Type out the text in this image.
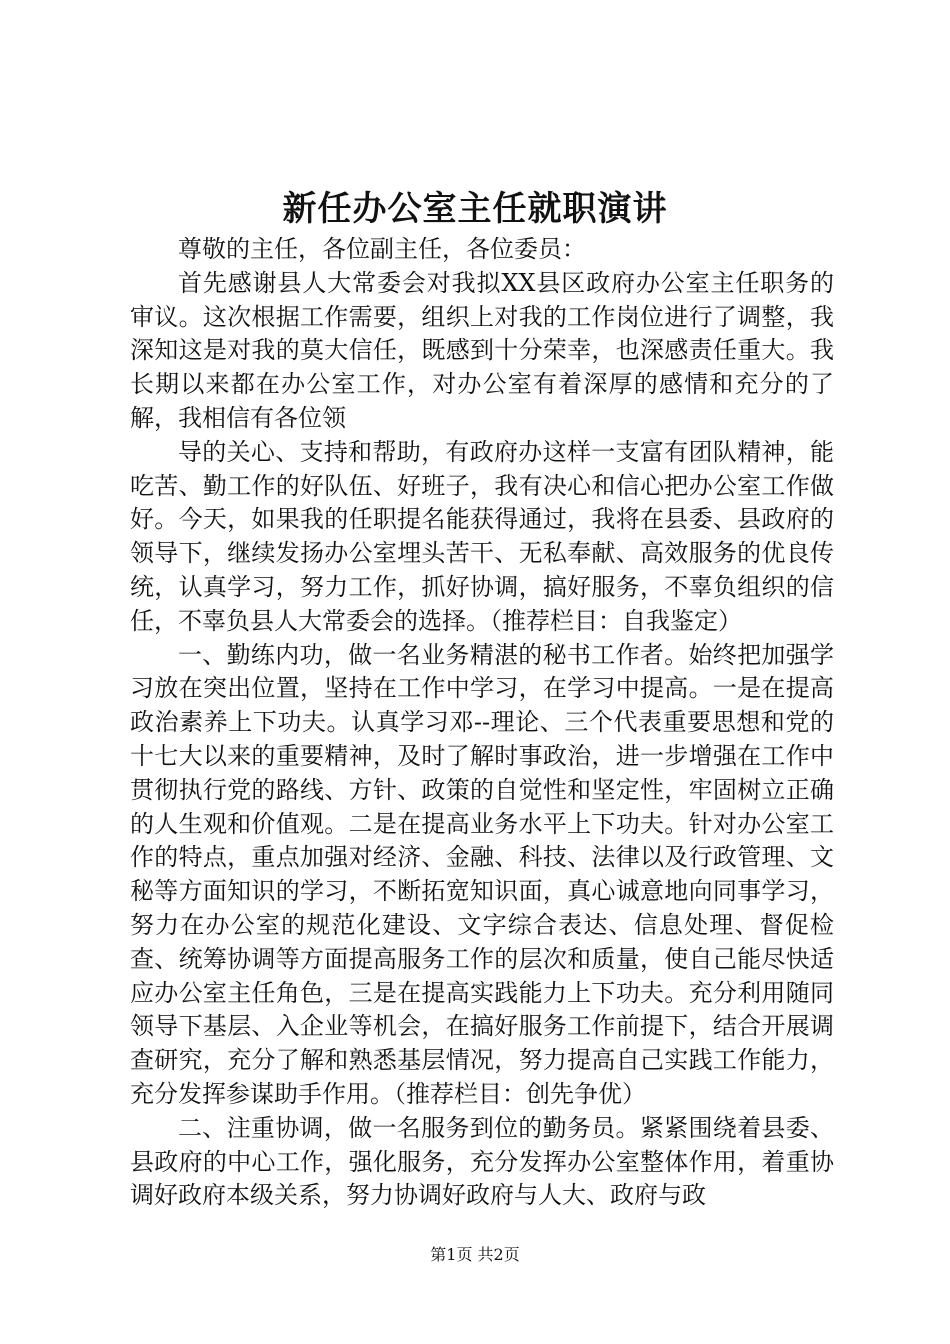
新任办公室主任就职演讲

尊敬的主任，各位副主任，各位委员：

首先感谢县人大常委会对我拟XX县区政府办公室主任职务的审议。这次根据工作需要，组织上对我的工作岗位进行了调整，我深知这是对我的莫大信任，既感到十分荣幸，也深感责任重大。我长期以来都在办公室工作，对办公室有着深厚的感情和充分的了解，我相信有各位领

导的关心、支持和帮助，有政府办这样一支富有团队精神，能吃苦、勤工作的好队伍、好班子，我有决心和信心把办公室工作做好。今天，如果我的任职提名能获得通过，我将在县委、县政府的领导下，继续发扬办公室埋头苦干、无私奉献、高效服务的优良传统，认真学习，努力工作，抓好协调，搞好服务，不辜负组织的信任，不辜负县人大常委会的选择。（推荐栏目：自我鉴定）

一、勤练内功，做一名业务精湛的秘书工作者。始终把加强学习放在突出位置，坚持在工作中学习，在学习中提高。一是在提高政治素养上下功夫。认真学习邓--理论、三个代表重要思想和党的十七大以来的重要精神，及时了解时事政治，进一步增强在工作中贯彻执行党的路线、方针、政策的自觉性和坚定性，牢固树立正确的人生观和价值观。二是在提高业务水平上下功夫。针对办公室工作的特点，重点加强对经济、金融、科技、法律以及行政管理、文秘等方面知识的学习，不断拓宽知识面，真心诚意地向同事学习，努力在办公室的规范化建设、文字综合表达、信息处理、督促检查、统筹协调等方面提高服务工作的层次和质量，使自己能尽快适应办公室主任角色，三是在提高实践能力上下功夫。充分利用随同领导下基层、入企业等机会，在搞好服务工作前提下，结合开展调查研究，充分了解和熟悉基层情况，努力提高自己实践工作能力，充分发挥参谋助手作用。（推荐栏目：创先争优）

二、注重协调，做一名服务到位的勤务员。紧紧围绕着县委、县政府的中心工作，强化服务，充分发挥办公室整体作用，着重协调好政府本级关系，努力协调好政府与人大、政府与政

第1页 共2页
